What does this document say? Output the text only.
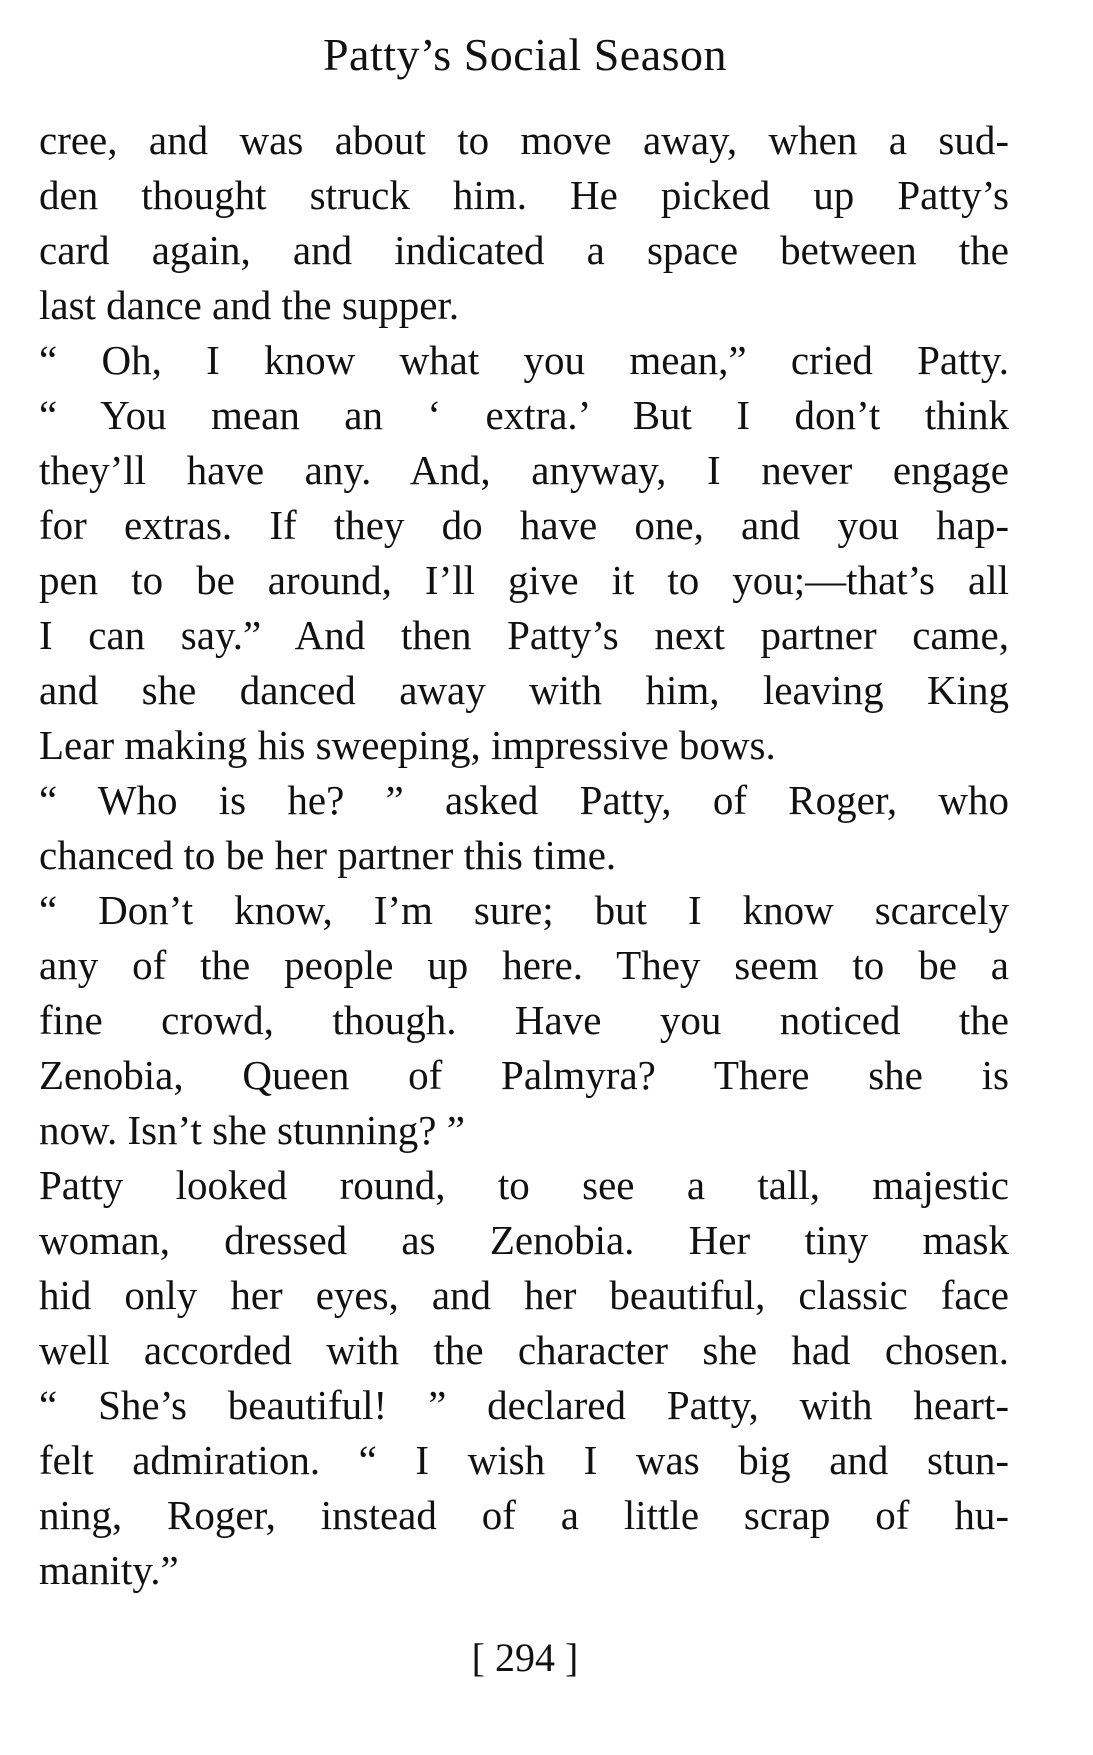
Patty’s Social Season
cree, and was about to move away, when a sud-
den thought struck him. He picked up Patty’s
card again, and indicated a space between the
last dance and the supper.
“ Oh, I know what you mean,” cried Patty.
“ You mean an ‘ extra.’ But I don’t think
they’ll have any. And, anyway, I never engage
for extras. If they do have one, and you hap-
pen to be around, I’ll give it to you;—that’s all
I can say.” And then Patty’s next partner came,
and she danced away with him, leaving King
Lear making his sweeping, impressive bows.
“ Who is he? ” asked Patty, of Roger, who
chanced to be her partner this time.
“ Don’t know, I’m sure; but I know scarcely
any of the people up here. They seem to be a
fine crowd, though. Have you noticed the
Zenobia, Queen of Palmyra? There she is
now. Isn’t she stunning? ”
Patty looked round, to see a tall, majestic
woman, dressed as Zenobia. Her tiny mask
hid only her eyes, and her beautiful, classic face
well accorded with the character she had chosen.
“ She’s beautiful! ” declared Patty, with heart-
felt admiration. “ I wish I was big and stun-
ning, Roger, instead of a little scrap of hu-
manity.”
[ 294 ]
